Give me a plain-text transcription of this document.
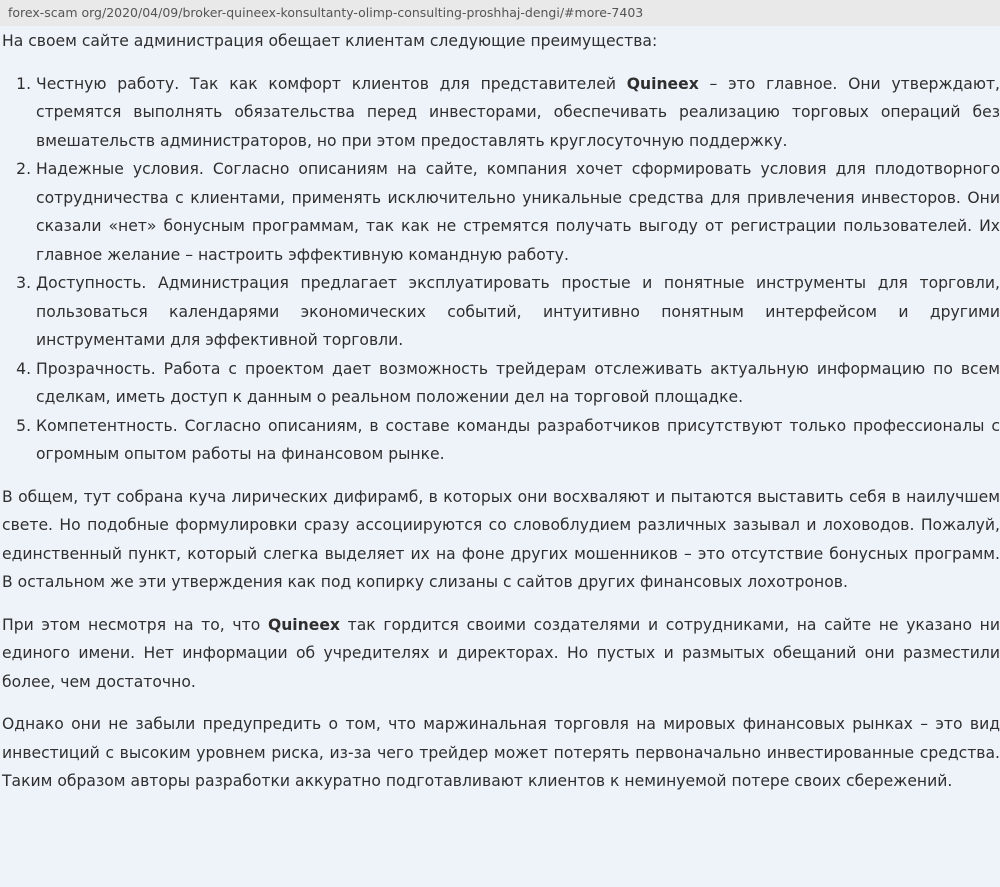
forex-scam org/2020/04/09/broker-quineex-konsultanty-olimp-consulting-proshhaj-dengi/#more-7403

На своем сайте администрация обещает клиентам следующие преимущества:

1. Честную работу. Так как комфорт клиентов для представителей Quineex – это главное. Они утверждают, стремятся выполнять обязательства перед инвесторами, обеспечивать реализацию торговых операций без вмешательств администраторов, но при этом предоставлять круглосуточную поддержку.
2. Надежные условия. Согласно описаниям на сайте, компания хочет сформировать условия для плодотворного сотрудничества с клиентами, применять исключительно уникальные средства для привлечения инвесторов. Они сказали «нет» бонусным программам, так как не стремятся получать выгоду от регистрации пользователей. Их главное желание – настроить эффективную командную работу.
3. Доступность. Администрация предлагает эксплуатировать простые и понятные инструменты для торговли, пользоваться календарями экономических событий, интуитивно понятным интерфейсом и другими инструментами для эффективной торговли.
4. Прозрачность. Работа с проектом дает возможность трейдерам отслеживать актуальную информацию по всем сделкам, иметь доступ к данным о реальном положении дел на торговой площадке.
5. Компетентность. Согласно описаниям, в составе команды разработчиков присутствуют только профессионалы с огромным опытом работы на финансовом рынке.

В общем, тут собрана куча лирических дифирамб, в которых они восхваляют и пытаются выставить себя в наилучшем свете. Но подобные формулировки сразу ассоциируются со словоблудием различных зазывал и лоховодов. Пожалуй, единственный пункт, который слегка выделяет их на фоне других мошенников – это отсутствие бонусных программ. В остальном же эти утверждения как под копирку слизаны с сайтов других финансовых лохотронов.

При этом несмотря на то, что Quineex так гордится своими создателями и сотрудниками, на сайте не указано ни единого имени. Нет информации об учредителях и директорах. Но пустых и размытых обещаний они разместили более, чем достаточно.

Однако они не забыли предупредить о том, что маржинальная торговля на мировых финансовых рынках – это вид инвестиций с высоким уровнем риска, из-за чего трейдер может потерять первоначально инвестированные средства. Таким образом авторы разработки аккуратно подготавливают клиентов к неминуемой потере своих сбережений.
